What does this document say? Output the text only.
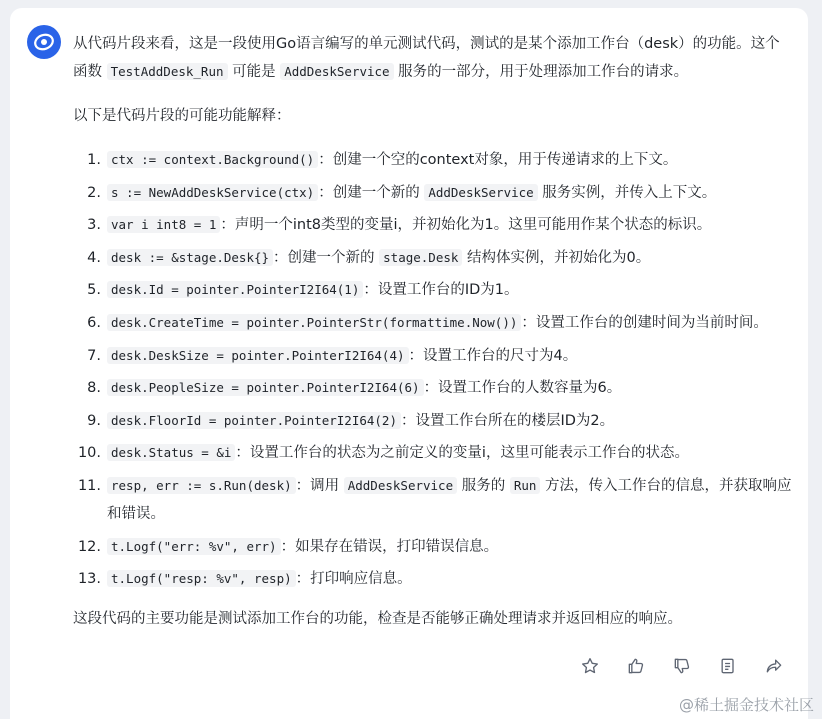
从代码片段来看，这是一段使用Go语言编写的单元测试代码，测试的是某个添加工作台（desk）的功能。这个函数 TestAddDesk_Run 可能是 AddDeskService 服务的一部分，用于处理添加工作台的请求。

以下是代码片段的可能功能解释：

1. ctx := context.Background() ：创建一个空的context对象，用于传递请求的上下文。
2. s := NewAddDeskService(ctx) ：创建一个新的 AddDeskService 服务实例，并传入上下文。
3. var i int8 = 1 ：声明一个int8类型的变量i，并初始化为1。这里可能用作某个状态的标识。
4. desk := &stage.Desk{} ：创建一个新的 stage.Desk 结构体实例，并初始化为0。
5. desk.Id = pointer.PointerI2I64(1) ：设置工作台的ID为1。
6. desk.CreateTime = pointer.PointerStr(formattime.Now()) ：设置工作台的创建时间为当前时间。
7. desk.DeskSize = pointer.PointerI2I64(4) ：设置工作台的尺寸为4。
8. desk.PeopleSize = pointer.PointerI2I64(6) ：设置工作台的人数容量为6。
9. desk.FloorId = pointer.PointerI2I64(2) ：设置工作台所在的楼层ID为2。
10. desk.Status = &i ：设置工作台的状态为之前定义的变量i，这里可能表示工作台的状态。
11. resp, err := s.Run(desk) ：调用 AddDeskService 服务的 Run 方法，传入工作台的信息，并获取响应和错误。
12. t.Logf("err: %v", err) ：如果存在错误，打印错误信息。
13. t.Logf("resp: %v", resp) ：打印响应信息。

这段代码的主要功能是测试添加工作台的功能，检查是否能够正确处理请求并返回相应的响应。

@稀土掘金技术社区
